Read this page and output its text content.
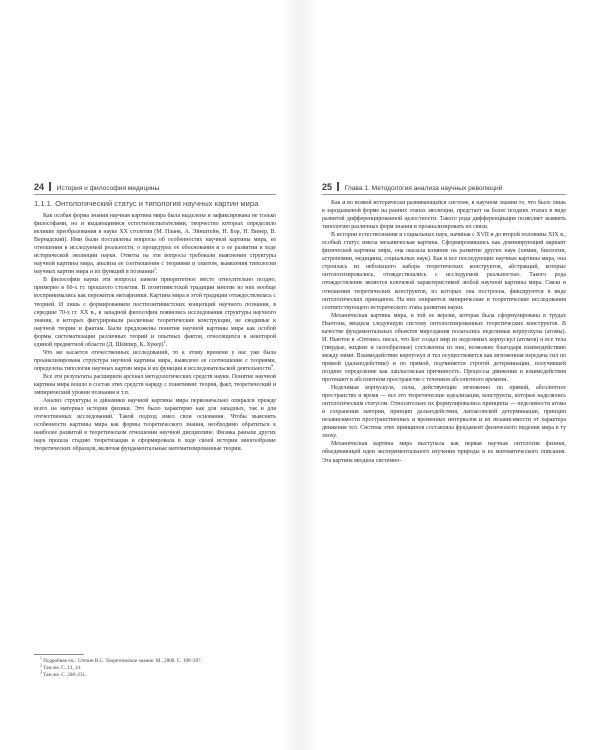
24 История и философия медицины
1.1.1. Онтологический статус и типология научных картин мира

Как особая форма знания научная картина мира была выделена и зафиксирована не только философами, но и выдающимися естествоиспытателями, творчество которых определило великие преобразования в науке XX столетия (М. Планк, А. Эйнштейн, Н. Бор, Н. Винер, В. Вернадский). Ими были поставлены вопросы об особенностях научной картины мира, ее отношении к исследуемой реальности, о процедурах ее обоснования и о ее развитии в ходе исторической эволюции науки. Ответы на эти вопросы требовали выяснения структуры научной картины мира, анализа ее соотношения с теориями и опытом, выявления типологии научных картин мира и их функций в познании$^1$.

В философии науки эти вопросы заняли приоритетное место относительно поздно, примерно в 60-х гг. прошлого столетия. В позитивистской традиции многие из них вообще воспринимались как пережиток метафизики. Картина мира в этой традиции отождествлялась с теорией. И лишь с формированием постпозитивистских концепций научного познания, в середине 70-х гг. XX в., в западной философии появились исследования структуры научного знания, в которых фигурировали различные теоретические конструкции, не сводимые к научной теории и фактам. Были предложены понятия научной картины мира как особой формы систематизации различных теорий и опытных фактов, относящихся к некоторой единой предметной области (Д. Шейпир, К. Хукер)$^2$.

Что же касается отечественных исследований, то к этому времени у нас уже была проанализирована структура научной картины мира, выявлено ее соотношение с теориями, определена типология научных картин мира и их функции в исследовательской деятельности$^3$.

Все эти результаты расширили арсенал методологических средств науки. Понятие научной картины мира вошло в состав этих средств наряду с понятиями: теория, факт, теоретический и эмпирический уровни познания и т.п.

Анализ структуры и динамики научной картины мира первоначально опирался прежде всего на материал истории физики. Это было характерно как для западных, так и для отечественных исследований. Такой подход имел свои основания. Чтобы выяснить особенности картины мира как формы теоретического знания, необходимо обратиться к наиболее развитой в теоретическом отношении научной дисциплине. Физика раньше других наук прошла стадию теоретизации и сформировала в ходе своей истории многообразие теоретических образцов, включая фундаментальные математизированные теории.

$^1$ Подробнее см.: Степин В.С. Теоретическое знание. М., 2000. С. 199–207.
$^2$ Там же. С. 13, 14.
$^3$ Там же. С. 208–231.
25 Глава 1. Методология анализа научных революций

Как и во всякой исторически развивающейся системе, в научном знании то, что было лишь в зародышевой форме на ранних этапах эволюции, предстает на более поздних этапах в виде развитой дифференцированной целостности. Такого рода дифференциация позволяет выявить типологию различных форм знания и проанализировать их связи.

В истории естествознания и социальных наук, начиная с XVII и до второй половины XIX в., особый статус имела механическая картина. Сформировавшись как доминирующий вариант физической картины мира, она оказала влияние на развитие других наук (химии, биологии, астрономии, медицины, социальных наук). Как и все последующие научные картины мира, она строилась из небольшого набора теоретических конструктов, абстракций, которые онтологизировались, отождествлялись с исследуемой реальностью. Такого рода отождествление является ключевой характеристикой любой научной картины мира. Связи и отношения теоретических конструктов, из которых она построена, фиксируются в виде онтологических принципов. На них опираются эмпирические и теоретические исследования соответствующего исторического этапа развития науки.

Механическая картина мира, в той ее версии, которая была сформулирована в трудах Ньютона, вводила следующую систему онтологизированных теоретических конструктов. В качестве фундаментальных объектов мироздания полагались неделимые корпускулы (атомы). И. Ньютон в «Оптике» писал, что Бог создал мир из неделимых корпускул (атомов) и все тела (твердые, жидкие и газообразные) составлены из них, возможно благодаря взаимодействию между ними. Взаимодействие корпускул и тел осуществляется как мгновенная передача сил по прямой (дальнодействие) и по прямой, подчиняется строгой детерминации, получившей позднее определение как лапласовская причинность. Процессы движения и взаимодействия протекают в абсолютном пространстве с течением абсолютного времени.

Неделимая корпускула, силы, действующие мгновенно по прямой, абсолютное пространство и время — все это теоретические идеализации, конструкты, которые наделялись онтологическим статусом. Относительно их формулировались принципы — неделимости атома и сохранения материи, принцип дальнодействия, лапласовской детерминации, принцип независимости пространственных и временных интервалов и их независимости от характера движения тел. Система этих принципов составляла фундамент физического видения мира в ту эпоху.

Механическая картина мира выступала как первая научная онтология физики, объединяющей идеи экспериментального изучения природы и ее математического описания. Эта картина вводила системно-
